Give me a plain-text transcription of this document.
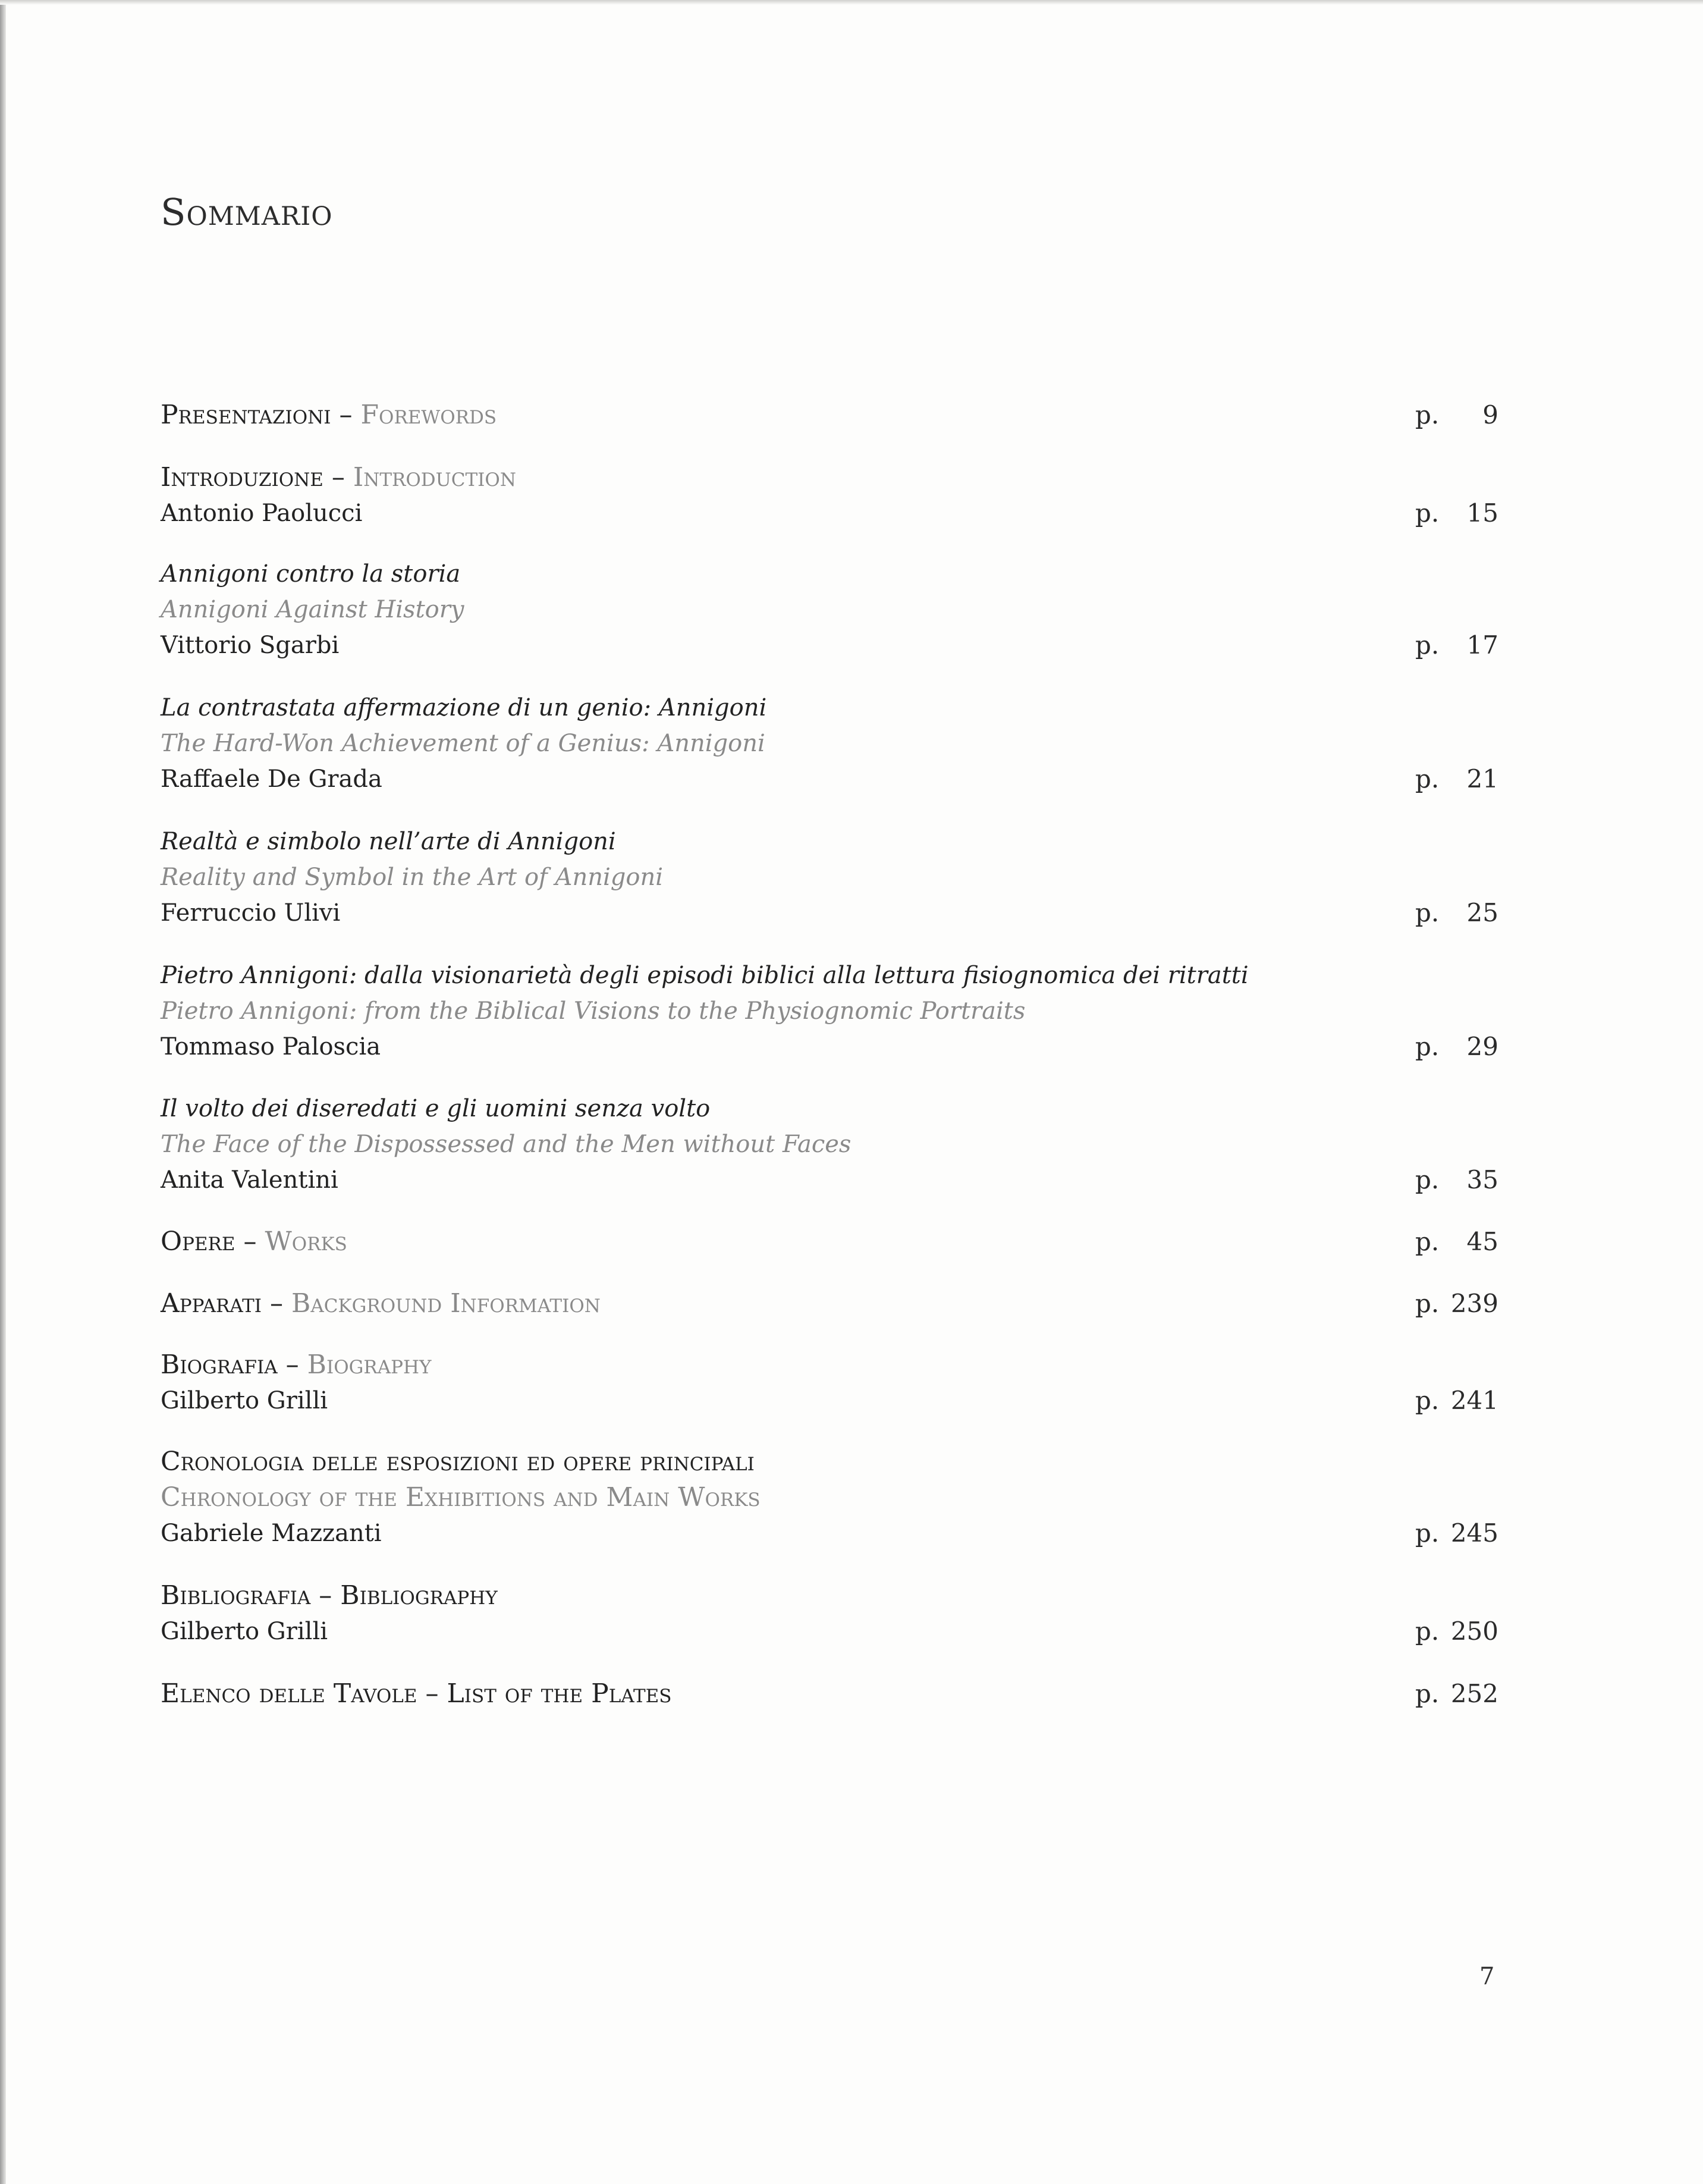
Sommario
Presentazioni – Forewords	p. 9
Introduzione – Introduction
Antonio Paolucci	p. 15
Annigoni contro la storia
Annigoni Against History
Vittorio Sgarbi	p. 17
La contrastata affermazione di un genio: Annigoni
The Hard-Won Achievement of a Genius: Annigoni
Raffaele De Grada	p. 21
Realtà e simbolo nell’arte di Annigoni
Reality and Symbol in the Art of Annigoni
Ferruccio Ulivi	p. 25
Pietro Annigoni: dalla visionarietà degli episodi biblici alla lettura fisiognomica dei ritratti
Pietro Annigoni: from the Biblical Visions to the Physiognomic Portraits
Tommaso Paloscia	p. 29
Il volto dei diseredati e gli uomini senza volto
The Face of the Dispossessed and the Men without Faces
Anita Valentini	p. 35
Opere – Works	p. 45
Apparati – Background Information	p. 239
Biografia – Biography
Gilberto Grilli	p. 241
Cronologia delle esposizioni ed opere principali
Chronology of the Exhibitions and Main Works
Gabriele Mazzanti	p. 245
Bibliografia – Bibliography
Gilberto Grilli	p. 250
Elenco delle Tavole – List of the Plates	p. 252
7
